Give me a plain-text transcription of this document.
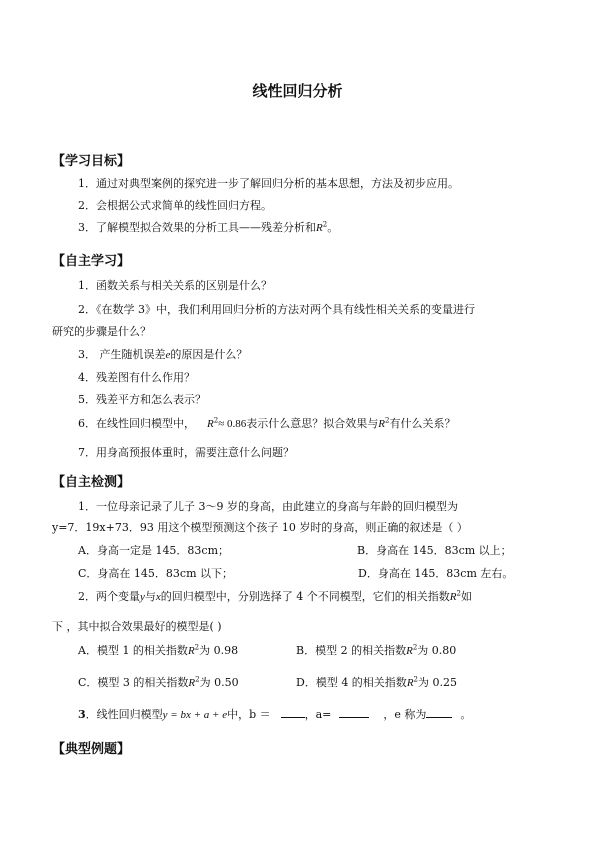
线性回归分析
【学习目标】
1．通过对典型案例的探究进一步了解回归分析的基本思想，方法及初步应用。
2．会根据公式求简单的线性回归方程。
3．了解模型拟合效果的分析工具——残差分析和$R^2$。
【自主学习】
1．函数关系与相关关系的区别是什么？
2．《在数学 3》中，我们利用回归分析的方法对两个具有线性相关关系的变量进行
研究的步骤是什么？
3． 产生随机误差e的原因是什么？
4．残差图有什么作用？
5．残差平方和怎么表示？
6．在线性回归模型中， $R^2\approx 0.86$表示什么意思？拟合效果与$R^2$有什么关系？
7．用身高预报体重时，需要注意什么问题？
【自主检测】
1．一位母亲记录了儿子 3～9 岁的身高，由此建立的身高与年龄的回归模型为
y=7．19x+73．93 用这个模型预测这个孩子 10 岁时的身高，则正确的叙述是（ ）
A．身高一定是 145．83cm；	B．身高在 145．83cm 以上；
C．身高在 145．83cm 以下；	D．身高在 145．83cm 左右。
2．两个变量y与x的回归模型中，分别选择了 4 个不同模型，它们的相关指数$R^2$如
下 ，其中拟合效果最好的模型是( )
A．模型 1 的相关指数$R^2$为 0.98	B．模型 2 的相关指数$R^2$为 0.80
C．模型 3 的相关指数$R^2$为 0.50	D．模型 4 的相关指数$R^2$为 0.25
3．线性回归模型y = bx + a + e中，b ＝	，a=	，e 称为	。
【典型例题】
